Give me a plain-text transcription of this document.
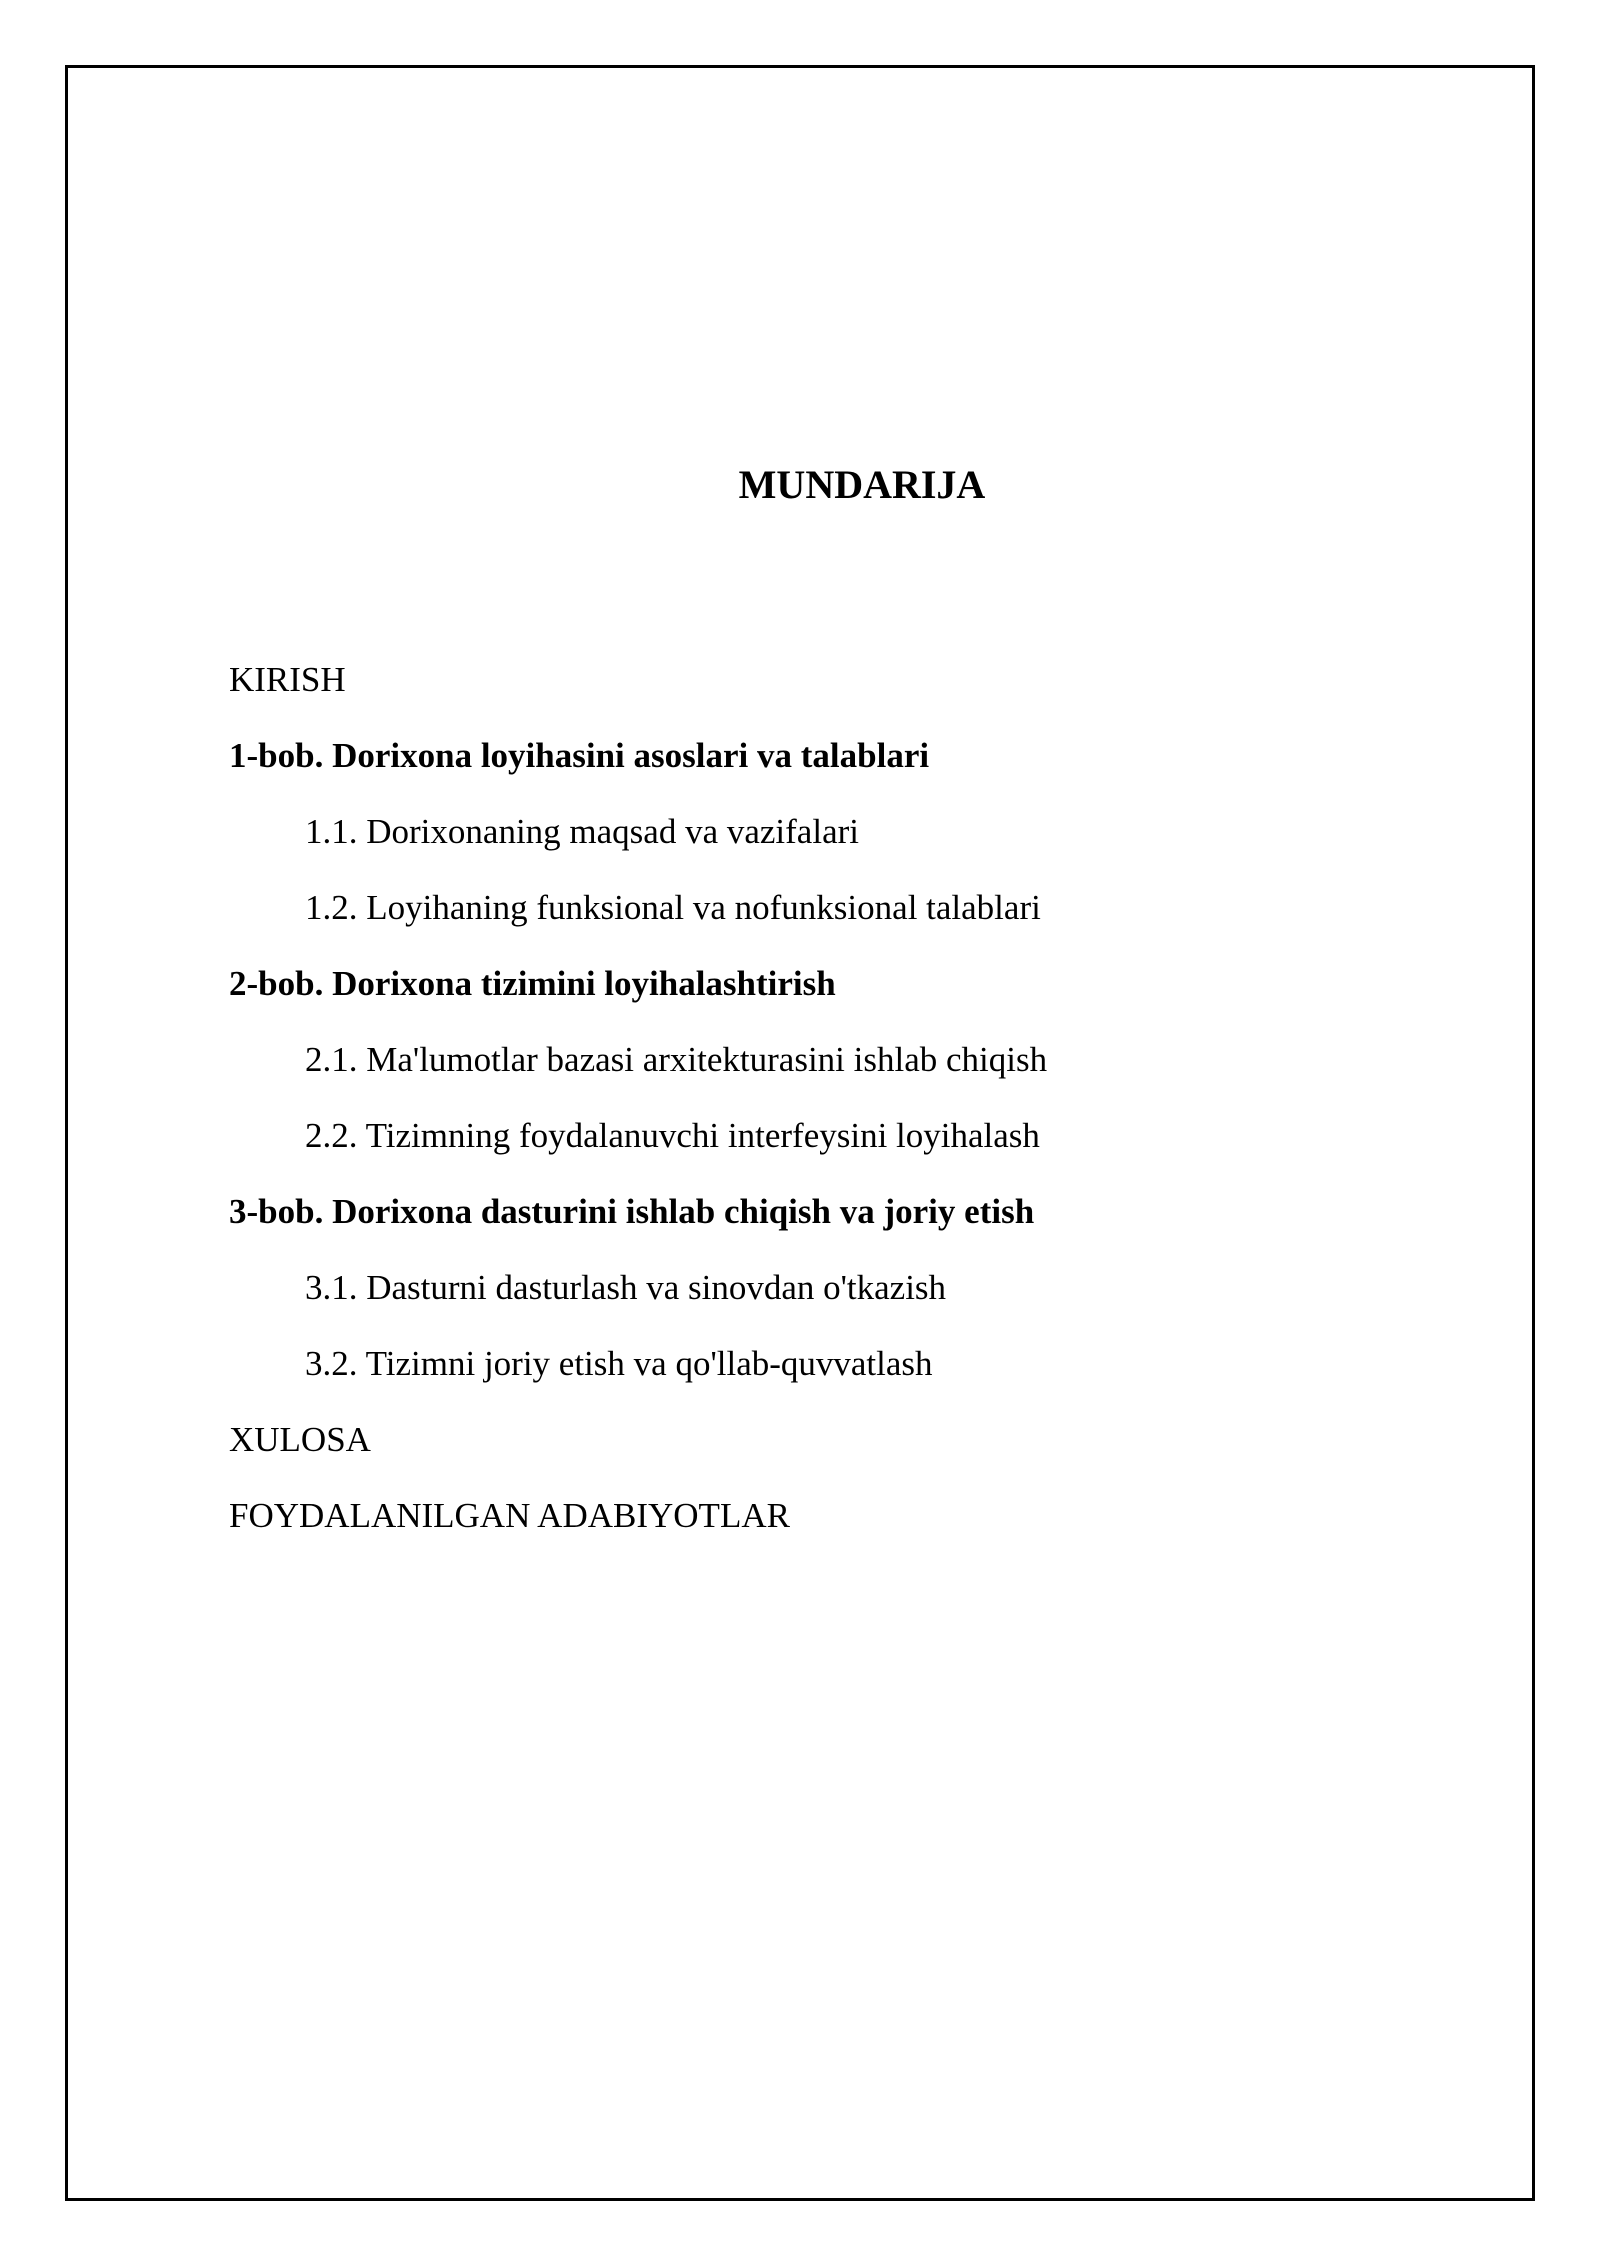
MUNDARIJA
KIRISH
1-bob. Dorixona loyihasini asoslari va talablari
1.1. Dorixonaning maqsad va vazifalari
1.2. Loyihaning funksional va nofunksional talablari
2-bob. Dorixona tizimini loyihalashtirish
2.1. Ma'lumotlar bazasi arxitekturasini ishlab chiqish
2.2. Tizimning foydalanuvchi interfeysini loyihalash
3-bob. Dorixona dasturini ishlab chiqish va joriy etish
3.1. Dasturni dasturlash va sinovdan o'tkazish
3.2. Tizimni joriy etish va qo'llab-quvvatlash
XULOSA
FOYDALANILGAN ADABIYOTLAR
